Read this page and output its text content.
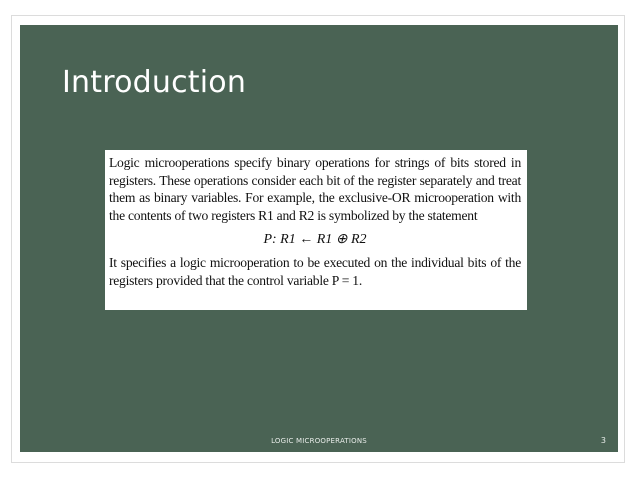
Introduction

Logic microoperations specify binary operations for strings of bits stored in registers. These operations consider each bit of the register separately and treat them as binary variables. For example, the exclusive-OR microoperation with the contents of two registers R1 and R2 is symbolized by the statement

P: R1 ← R1 ⊕ R2

It specifies a logic microoperation to be executed on the individual bits of the registers provided that the control variable P = 1.

LOGIC MICROOPERATIONS	3
